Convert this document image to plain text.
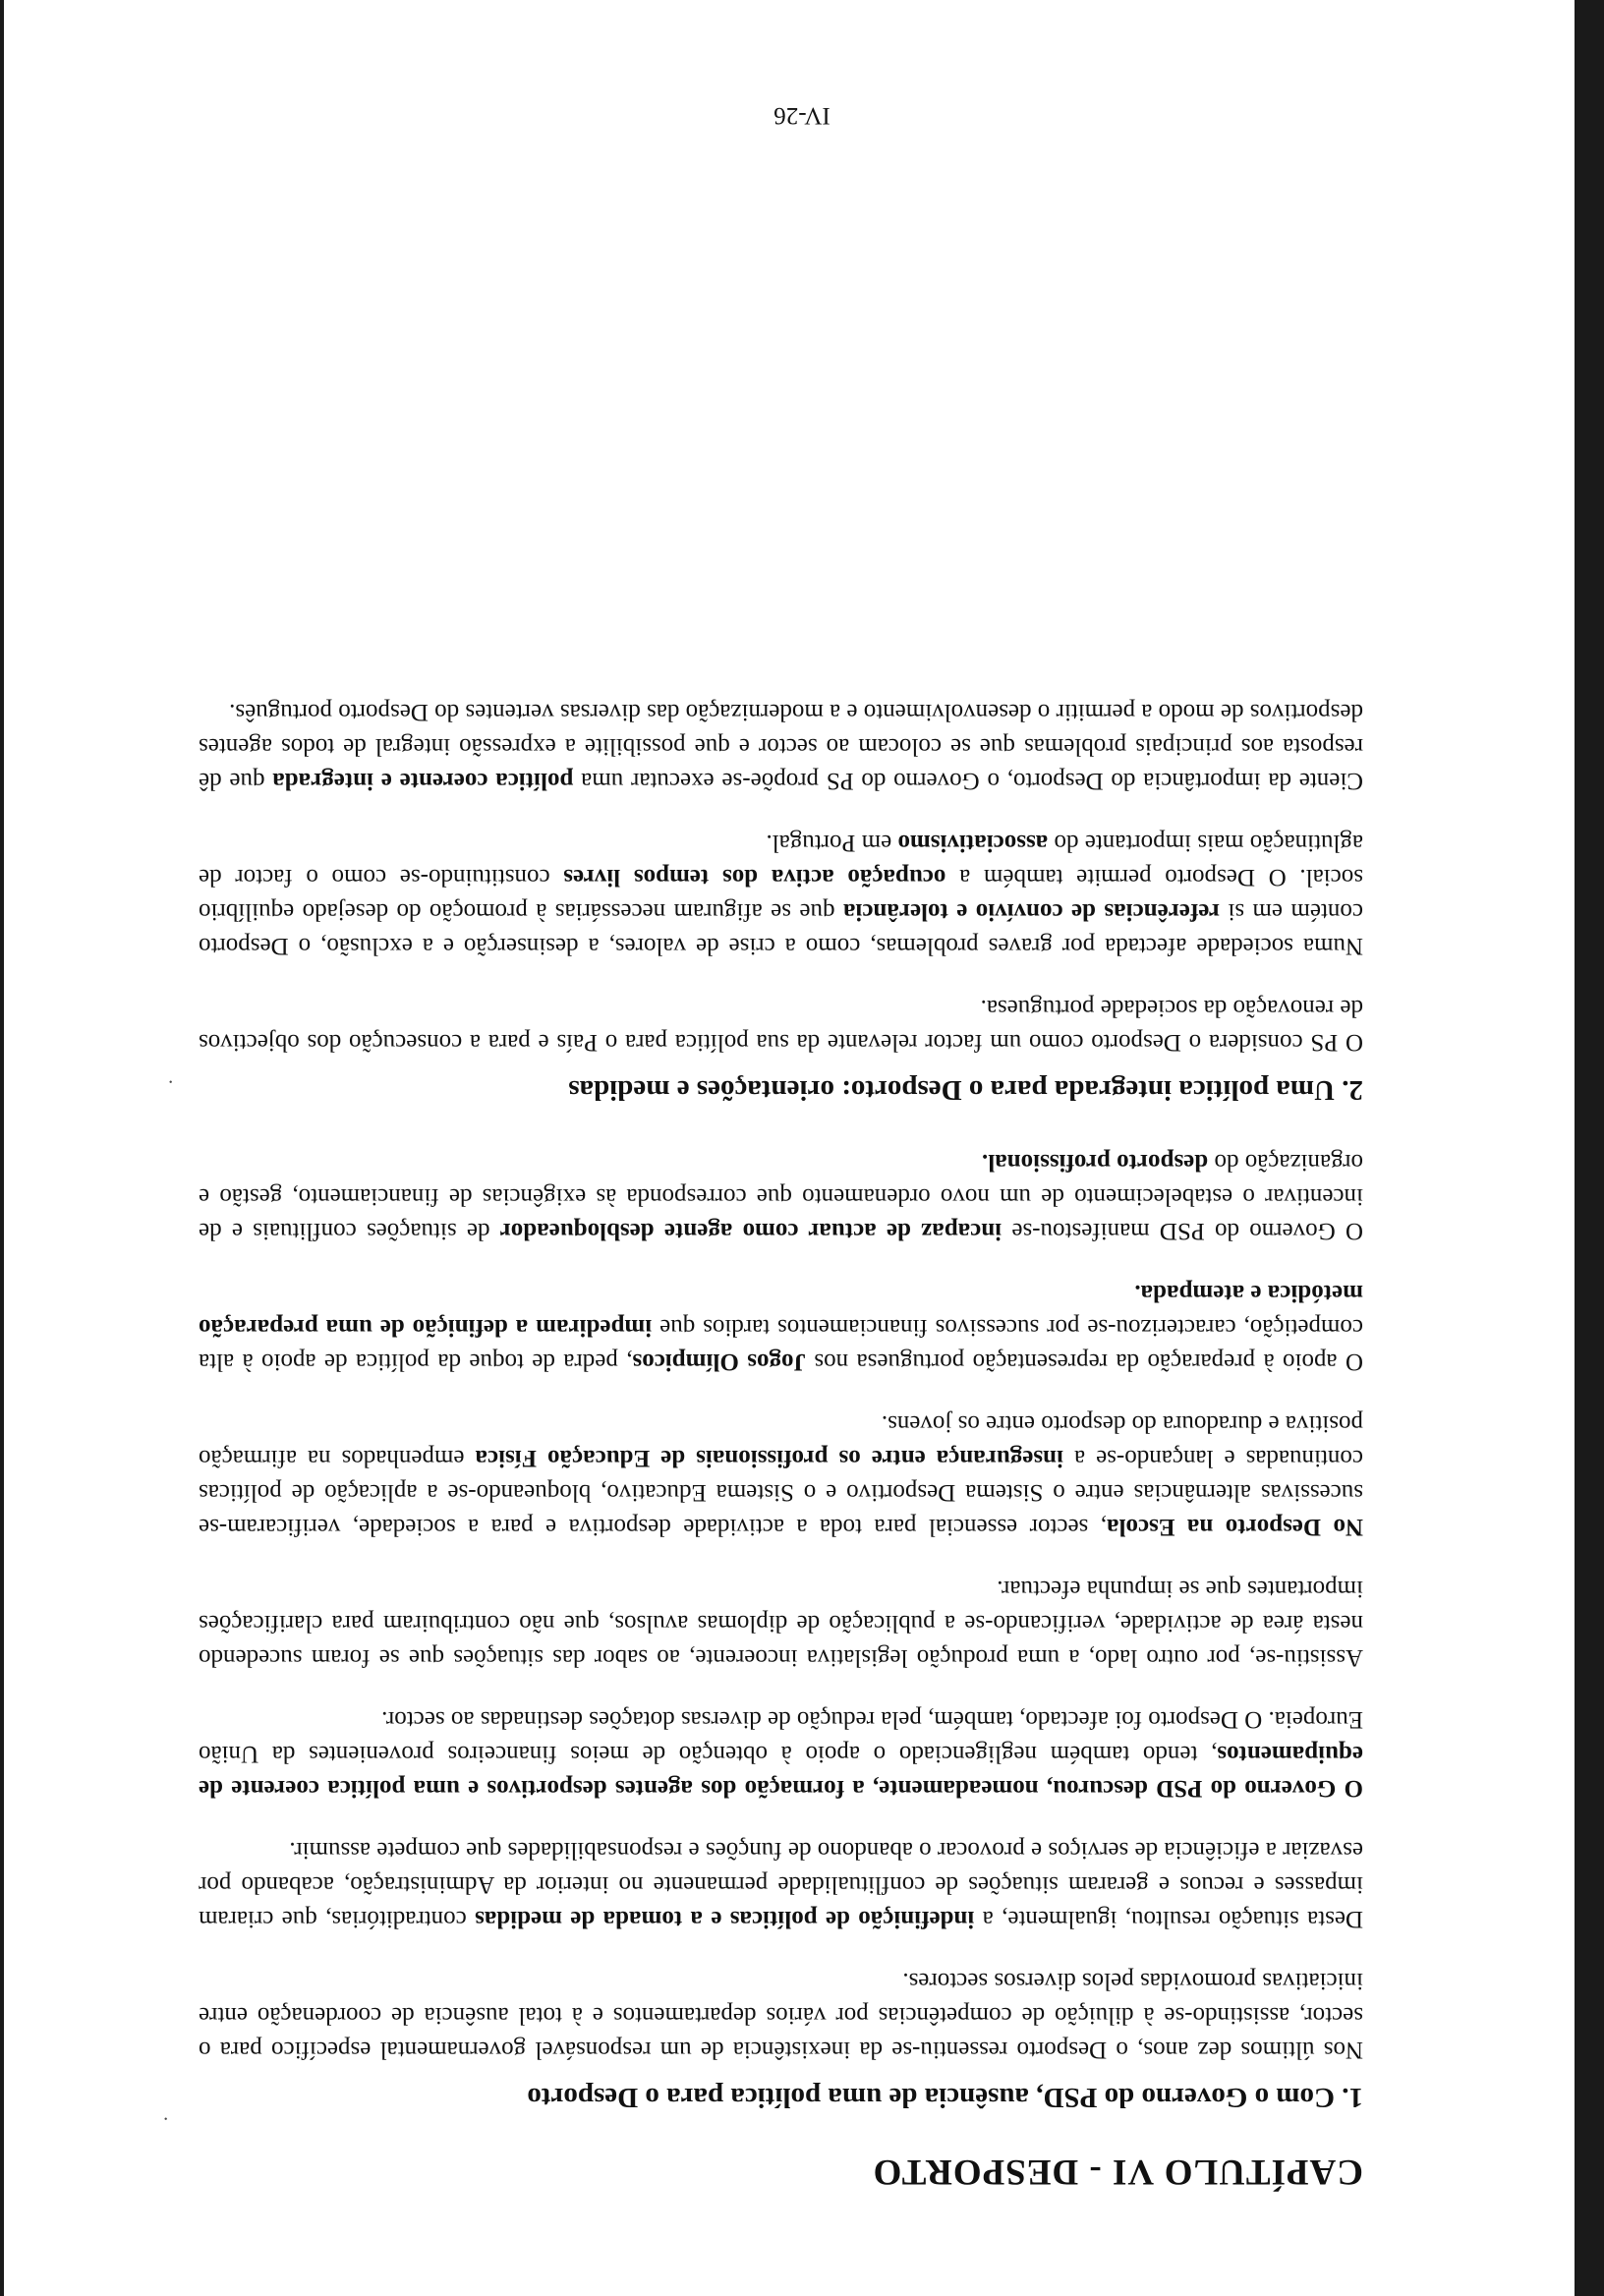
·
·
CAPÍTULO VI - DESPORTO
1. Com o Governo do PSD, ausência de uma política para o Desporto

Nos últimos dez anos, o Desporto ressentiu-se da inexistência de um responsável governamental específico para o sector, assistindo-se à diluição de competências por vários departamentos e à total ausência de coordenação entre iniciativas promovidas pelos diversos sectores.

Desta situação resultou, igualmente, a indefinição de políticas e a tomada de medidas contraditórias, que criaram impasses e recuos e geraram situações de conflitualidade permanente no interior da Administração, acabando por esvaziar a eficiência de serviços e provocar o abandono de funções e responsabilidades que compete assumir.

O Governo do PSD descurou, nomeadamente, a formação dos agentes desportivos e uma política coerente de equipamentos, tendo também negligenciado o apoio à obtenção de meios financeiros provenientes da União Europeia. O Desporto foi afectado, também, pela redução de diversas dotações destinadas ao sector.

Assistiu-se, por outro lado, a uma produção legislativa incoerente, ao sabor das situações que se foram sucedendo nesta área de actividade, verificando-se a publicação de diplomas avulsos, que não contribuiram para clarificações importantes que se impunha efectuar.

No Desporto na Escola, sector essencial para toda a actividade desportiva e para a sociedade, verificaram-se sucessivas alternâncias entre o Sistema Desportivo e o Sistema Educativo, bloqueando-se a aplicação de políticas continuadas e lançando-se a insegurança entre os profissionais de Educação Física empenhados na afirmação positiva e duradoura do desporto entre os jovens.

O apoio à preparação da representação portuguesa nos Jogos Olímpicos, pedra de toque da política de apoio à alta competição, caracterizou-se por sucessivos financiamentos tardios que impediram a definição de uma preparação metódica e atempada.

O Governo do PSD manifestou-se incapaz de actuar como agente desbloqueador de situações conflituais e de incentivar o estabelecimento de um novo ordenamento que corresponda às exigências de financiamento, gestão e organização do desporto profissional.

2. Uma política integrada para o Desporto: orientações e medidas

O PS considera o Desporto como um factor relevante da sua política para o País e para a consecução dos objectivos de renovação da sociedade portuguesa.

Numa sociedade afectada por graves problemas, como a crise de valores, a desinserção e a exclusão, o Desporto contém em si referências de convívio e tolerância que se afiguram necessárias à promoção do desejado equilíbrio social. O Desporto permite também a ocupação activa dos tempos livres constituindo-se como o factor de aglutinação mais importante do associativismo em Portugal.

Ciente da importância do Desporto, o Governo do PS propõe-se executar uma política coerente e integrada que dê resposta aos principais problemas que se colocam ao sector e que possibilite a expressão integral de todos agentes desportivos de modo a permitir o desenvolvimento e a modernização das diversas vertentes do Desporto português.

IV-26
